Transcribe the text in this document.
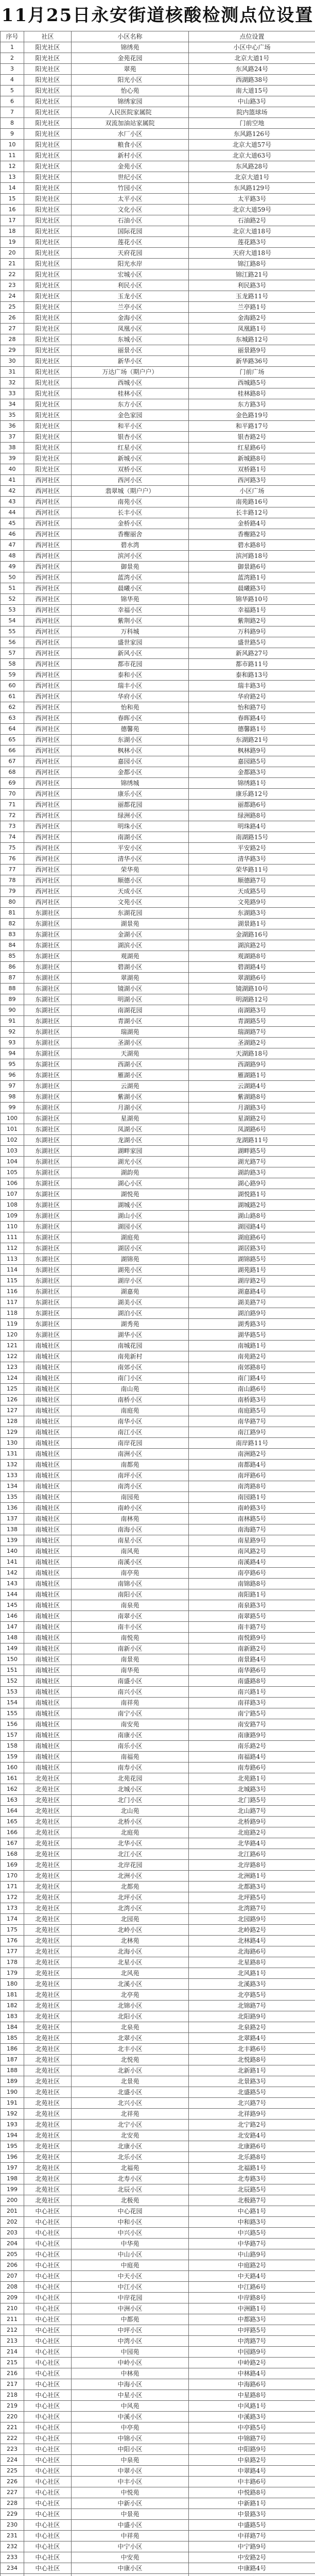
11月25日永安街道核酸检测点位设置
序号	社区	小区名称	点位设置
1	阳光社区	锦绣苑	小区中心广场
2	阳光社区	金苑花园	北京大道1号
3	阳光社区	翠苑	东风路24号
4	阳光社区	阳光小区	西湖路38号
5	阳光社区	怡心苑	南大道15号
6	阳光社区	锦绣家园	中山路3号
7	阳光社区	人民医院家属院	院内篮球场
8	阳光社区	双流加油站家属院	门前空地
9	阳光社区	水厂小区	东风路126号
10	阳光社区	粮食小区	北京大道57号
11	阳光社区	新村小区	北京大道63号
12	阳光社区	金苑小区	东风路28号
13	阳光社区	世纪小区	北京大道1号
14	阳光社区	竹园小区	东风路129号
15	阳光社区	太平小区	太平路3号
16	阳光社区	文化小区	北京大道59号
17	阳光社区	石油小区	石油路2号
18	阳光社区	国际花园	北京大道18号
19	阳光社区	莲花小区	莲花路3号
20	阳光社区	天府花园	天府大道18号
21	阳光社区	阳光水岸	锦江路8号
22	阳光社区	宏城小区	锦江路21号
23	阳光社区	利民小区	利民路3号
24	阳光社区	玉龙小区	玉龙路11号
25	阳光社区	兰亭小区	兰亭路1号
26	阳光社区	金海小区	金海路2号
27	阳光社区	凤凰小区	凤凰路1号
28	阳光社区	东城小区	东城路12号
29	阳光社区	丽景小区	丽景路9号
30	阳光社区	新华小区	新华路36号
31	阳光社区	万达广场（期户户）	门前广场
32	阳光社区	西城小区	西城路5号
33	阳光社区	桂林小区	桂林路8号
34	阳光社区	东方小区	东方路3号
35	阳光社区	金色家园	金色路19号
36	阳光社区	和平小区	和平路17号
37	阳光社区	银杏小区	银杏路2号
38	阳光社区	红星小区	红星路6号
39	阳光社区	新城小区	新城路8号
40	阳光社区	双桥小区	双桥路1号
41	西河社区	西河小区	西河路3号
42	西河社区	翡翠城（期户户）	小区广场
43	西河社区	南苑小区	南苑路16号
44	西河社区	长丰小区	长丰路12号
45	西河社区	金桥小区	金桥路4号
46	西河社区	香榭丽舍	香榭路2号
47	西河社区	碧水湾	碧水路8号
48	西河社区	滨河小区	滨河路18号
49	西河社区	御景苑	御景路6号
50	西河社区	蓝湾小区	蓝湾路1号
51	西河社区	晨曦小区	晨曦路3号
52	西河社区	锦华苑	锦华路10号
53	西河社区	幸福小区	幸福路1号
54	西河社区	紫荆小区	紫荆路2号
55	西河社区	万科城	万科路9号
56	西河社区	盛世家园	盛世路5号
57	西河社区	新风小区	新风路27号
58	西河社区	都市花园	都市路11号
59	西河社区	泰和小区	泰和路13号
60	西河社区	瑞丰小区	瑞丰路3号
61	西河社区	华府小区	华府路2号
62	西河社区	怡和苑	怡和路7号
63	西河社区	春晖小区	春晖路4号
64	西河社区	德馨苑	德馨路1号
65	西河社区	东湖小区	东湖路21号
66	西河社区	枫林小区	枫林路9号
67	西河社区	嘉园小区	嘉园路5号
68	西河社区	金都小区	金都路3号
69	西河社区	锦绣城	锦绣路1号
70	西河社区	康乐小区	康乐路12号
71	西河社区	丽都花园	丽都路6号
72	西河社区	绿洲小区	绿洲路8号
73	西河社区	明珠小区	明珠路4号
74	西河社区	南湖小区	南湖路15号
75	西河社区	平安小区	平安路2号
76	西河社区	清华小区	清华路3号
77	西河社区	荣华苑	荣华路11号
78	西河社区	顺德小区	顺德路7号
79	西河社区	天成小区	天成路5号
80	西河社区	文苑小区	文苑路9号
81	东湖社区	东湖花园	东湖路3号
82	东湖社区	湖景苑	湖景路1号
83	东湖社区	金湖小区	金湖路16号
84	东湖社区	湖滨小区	湖滨路2号
85	东湖社区	观湖苑	观湖路8号
86	东湖社区	碧湖小区	碧湖路4号
87	东湖社区	翠湖苑	翠湖路6号
88	东湖社区	镜湖小区	镜湖路10号
89	东湖社区	明湖小区	明湖路12号
90	东湖社区	南湖花园	南湖路3号
91	东湖社区	青湖小区	青湖路5号
92	东湖社区	瑞湖苑	瑞湖路7号
93	东湖社区	圣湖小区	圣湖路2号
94	东湖社区	天湖苑	天湖路18号
95	东湖社区	西湖小区	西湖路9号
96	东湖社区	雁湖小区	雁湖路1号
97	东湖社区	云湖苑	云湖路4号
98	东湖社区	紫湖小区	紫湖路8号
99	东湖社区	月湖小区	月湖路3号
100	东湖社区	星湖苑	星湖路2号
101	东湖社区	凤湖小区	凤湖路6号
102	东湖社区	龙湖小区	龙湖路11号
103	东湖社区	湖畔家园	湖畔路5号
104	东湖社区	湖光小区	湖光路7号
105	东湖社区	湖韵苑	湖韵路3号
106	东湖社区	湖心小区	湖心路9号
107	东湖社区	湖悦苑	湖悦路1号
108	东湖社区	湖城小区	湖城路2号
109	东湖社区	湖山小区	湖山路8号
110	东湖社区	湖园小区	湖园路4号
111	东湖社区	湖庭苑	湖庭路6号
112	东湖社区	湖居小区	湖居路3号
113	东湖社区	湖锦苑	湖锦路5号
114	东湖社区	湖苑小区	湖苑路1号
115	东湖社区	湖岸小区	湖岸路2号
116	东湖社区	湖嘉苑	湖嘉路4号
117	东湖社区	湖美小区	湖美路7号
118	东湖社区	湖泊小区	湖泊路9号
119	东湖社区	湖秀苑	湖秀路3号
120	东湖社区	湖华小区	湖华路5号
121	南城社区	南城花园	南城路1号
122	南城社区	南苑新村	南苑路2号
123	南城社区	南郊小区	南郊路8号
124	南城社区	南门小区	南门路4号
125	南城社区	南山苑	南山路6号
126	南城社区	南桥小区	南桥路3号
127	南城社区	南庭苑	南庭路5号
128	南城社区	南华小区	南华路7号
129	南城社区	南江小区	南江路9号
130	南城社区	南岸花园	南岸路11号
131	南城社区	南洲小区	南洲路2号
132	南城社区	南都苑	南都路4号
133	南城社区	南坪小区	南坪路6号
134	南城社区	南湾小区	南湾路8号
135	南城社区	南园苑	南园路1号
136	南城社区	南岭小区	南岭路3号
137	南城社区	南林苑	南林路5号
138	南城社区	南海小区	南海路7号
139	南城社区	南星小区	南星路9号
140	南城社区	南风苑	南风路2号
141	南城社区	南溪小区	南溪路4号
142	南城社区	南亭苑	南亭路6号
143	南城社区	南锦小区	南锦路8号
144	南城社区	南阳小区	南阳路1号
145	南城社区	南泉苑	南泉路3号
146	南城社区	南翠小区	南翠路5号
147	南城社区	南丰小区	南丰路7号
148	南城社区	南悦苑	南悦路9号
149	南城社区	南新小区	南新路2号
150	南城社区	南景苑	南景路4号
151	南城社区	南华苑	南华路6号
152	南城社区	南盛小区	南盛路8号
153	南城社区	南兴小区	南兴路1号
154	南城社区	南祥苑	南祥路3号
155	南城社区	南宁小区	南宁路5号
156	南城社区	南安苑	南安路7号
157	南城社区	南康小区	南康路9号
158	南城社区	南乐小区	南乐路2号
159	南城社区	南福苑	南福路4号
160	南城社区	南寿小区	南寿路6号
161	北苑社区	北苑花园	北苑路1号
162	北苑社区	北城小区	北城路3号
163	北苑社区	北门小区	北门路5号
164	北苑社区	北山苑	北山路7号
165	北苑社区	北桥小区	北桥路9号
166	北苑社区	北庭苑	北庭路2号
167	北苑社区	北华小区	北华路4号
168	北苑社区	北江小区	北江路6号
169	北苑社区	北岸花园	北岸路8号
170	北苑社区	北洲小区	北洲路1号
171	北苑社区	北都苑	北都路3号
172	北苑社区	北坪小区	北坪路5号
173	北苑社区	北湾小区	北湾路7号
174	北苑社区	北园苑	北园路9号
175	北苑社区	北岭小区	北岭路2号
176	北苑社区	北林苑	北林路4号
177	北苑社区	北海小区	北海路6号
178	北苑社区	北星小区	北星路8号
179	北苑社区	北风苑	北风路1号
180	北苑社区	北溪小区	北溪路3号
181	北苑社区	北亭苑	北亭路5号
182	北苑社区	北锦小区	北锦路7号
183	北苑社区	北阳小区	北阳路9号
184	北苑社区	北泉苑	北泉路2号
185	北苑社区	北翠小区	北翠路4号
186	北苑社区	北丰小区	北丰路6号
187	北苑社区	北悦苑	北悦路8号
188	北苑社区	北新小区	北新路1号
189	北苑社区	北景苑	北景路3号
190	北苑社区	北盛小区	北盛路5号
191	北苑社区	北兴小区	北兴路7号
192	北苑社区	北祥苑	北祥路9号
193	北苑社区	北宁小区	北宁路2号
194	北苑社区	北安苑	北安路4号
195	北苑社区	北康小区	北康路6号
196	北苑社区	北乐小区	北乐路8号
197	北苑社区	北福苑	北福路1号
198	北苑社区	北寿小区	北寿路3号
199	北苑社区	北辰小区	北辰路5号
200	北苑社区	北极苑	北极路7号
201	中心社区	中心花园	中心路1号
202	中心社区	中和小区	中和路3号
203	中心社区	中兴小区	中兴路5号
204	中心社区	中华苑	中华路7号
205	中心社区	中山小区	中山路9号
206	中心社区	中庭苑	中庭路2号
207	中心社区	中天小区	中天路4号
208	中心社区	中江小区	中江路6号
209	中心社区	中岸花园	中岸路8号
210	中心社区	中洲小区	中洲路1号
211	中心社区	中都苑	中都路3号
212	中心社区	中坪小区	中坪路5号
213	中心社区	中湾小区	中湾路7号
214	中心社区	中园苑	中园路9号
215	中心社区	中岭小区	中岭路2号
216	中心社区	中林苑	中林路4号
217	中心社区	中海小区	中海路6号
218	中心社区	中星小区	中星路8号
219	中心社区	中风苑	中风路1号
220	中心社区	中溪小区	中溪路3号
221	中心社区	中亭苑	中亭路5号
222	中心社区	中锦小区	中锦路7号
223	中心社区	中阳小区	中阳路9号
224	中心社区	中泉苑	中泉路2号
225	中心社区	中翠小区	中翠路4号
226	中心社区	中丰小区	中丰路6号
227	中心社区	中悦苑	中悦路8号
228	中心社区	中新小区	中新路1号
229	中心社区	中景苑	中景路3号
230	中心社区	中盛小区	中盛路5号
231	中心社区	中祥苑	中祥路7号
232	中心社区	中宁小区	中宁路9号
233	中心社区	中安苑	中安路2号
234	中心社区	中康小区	中康路4号
